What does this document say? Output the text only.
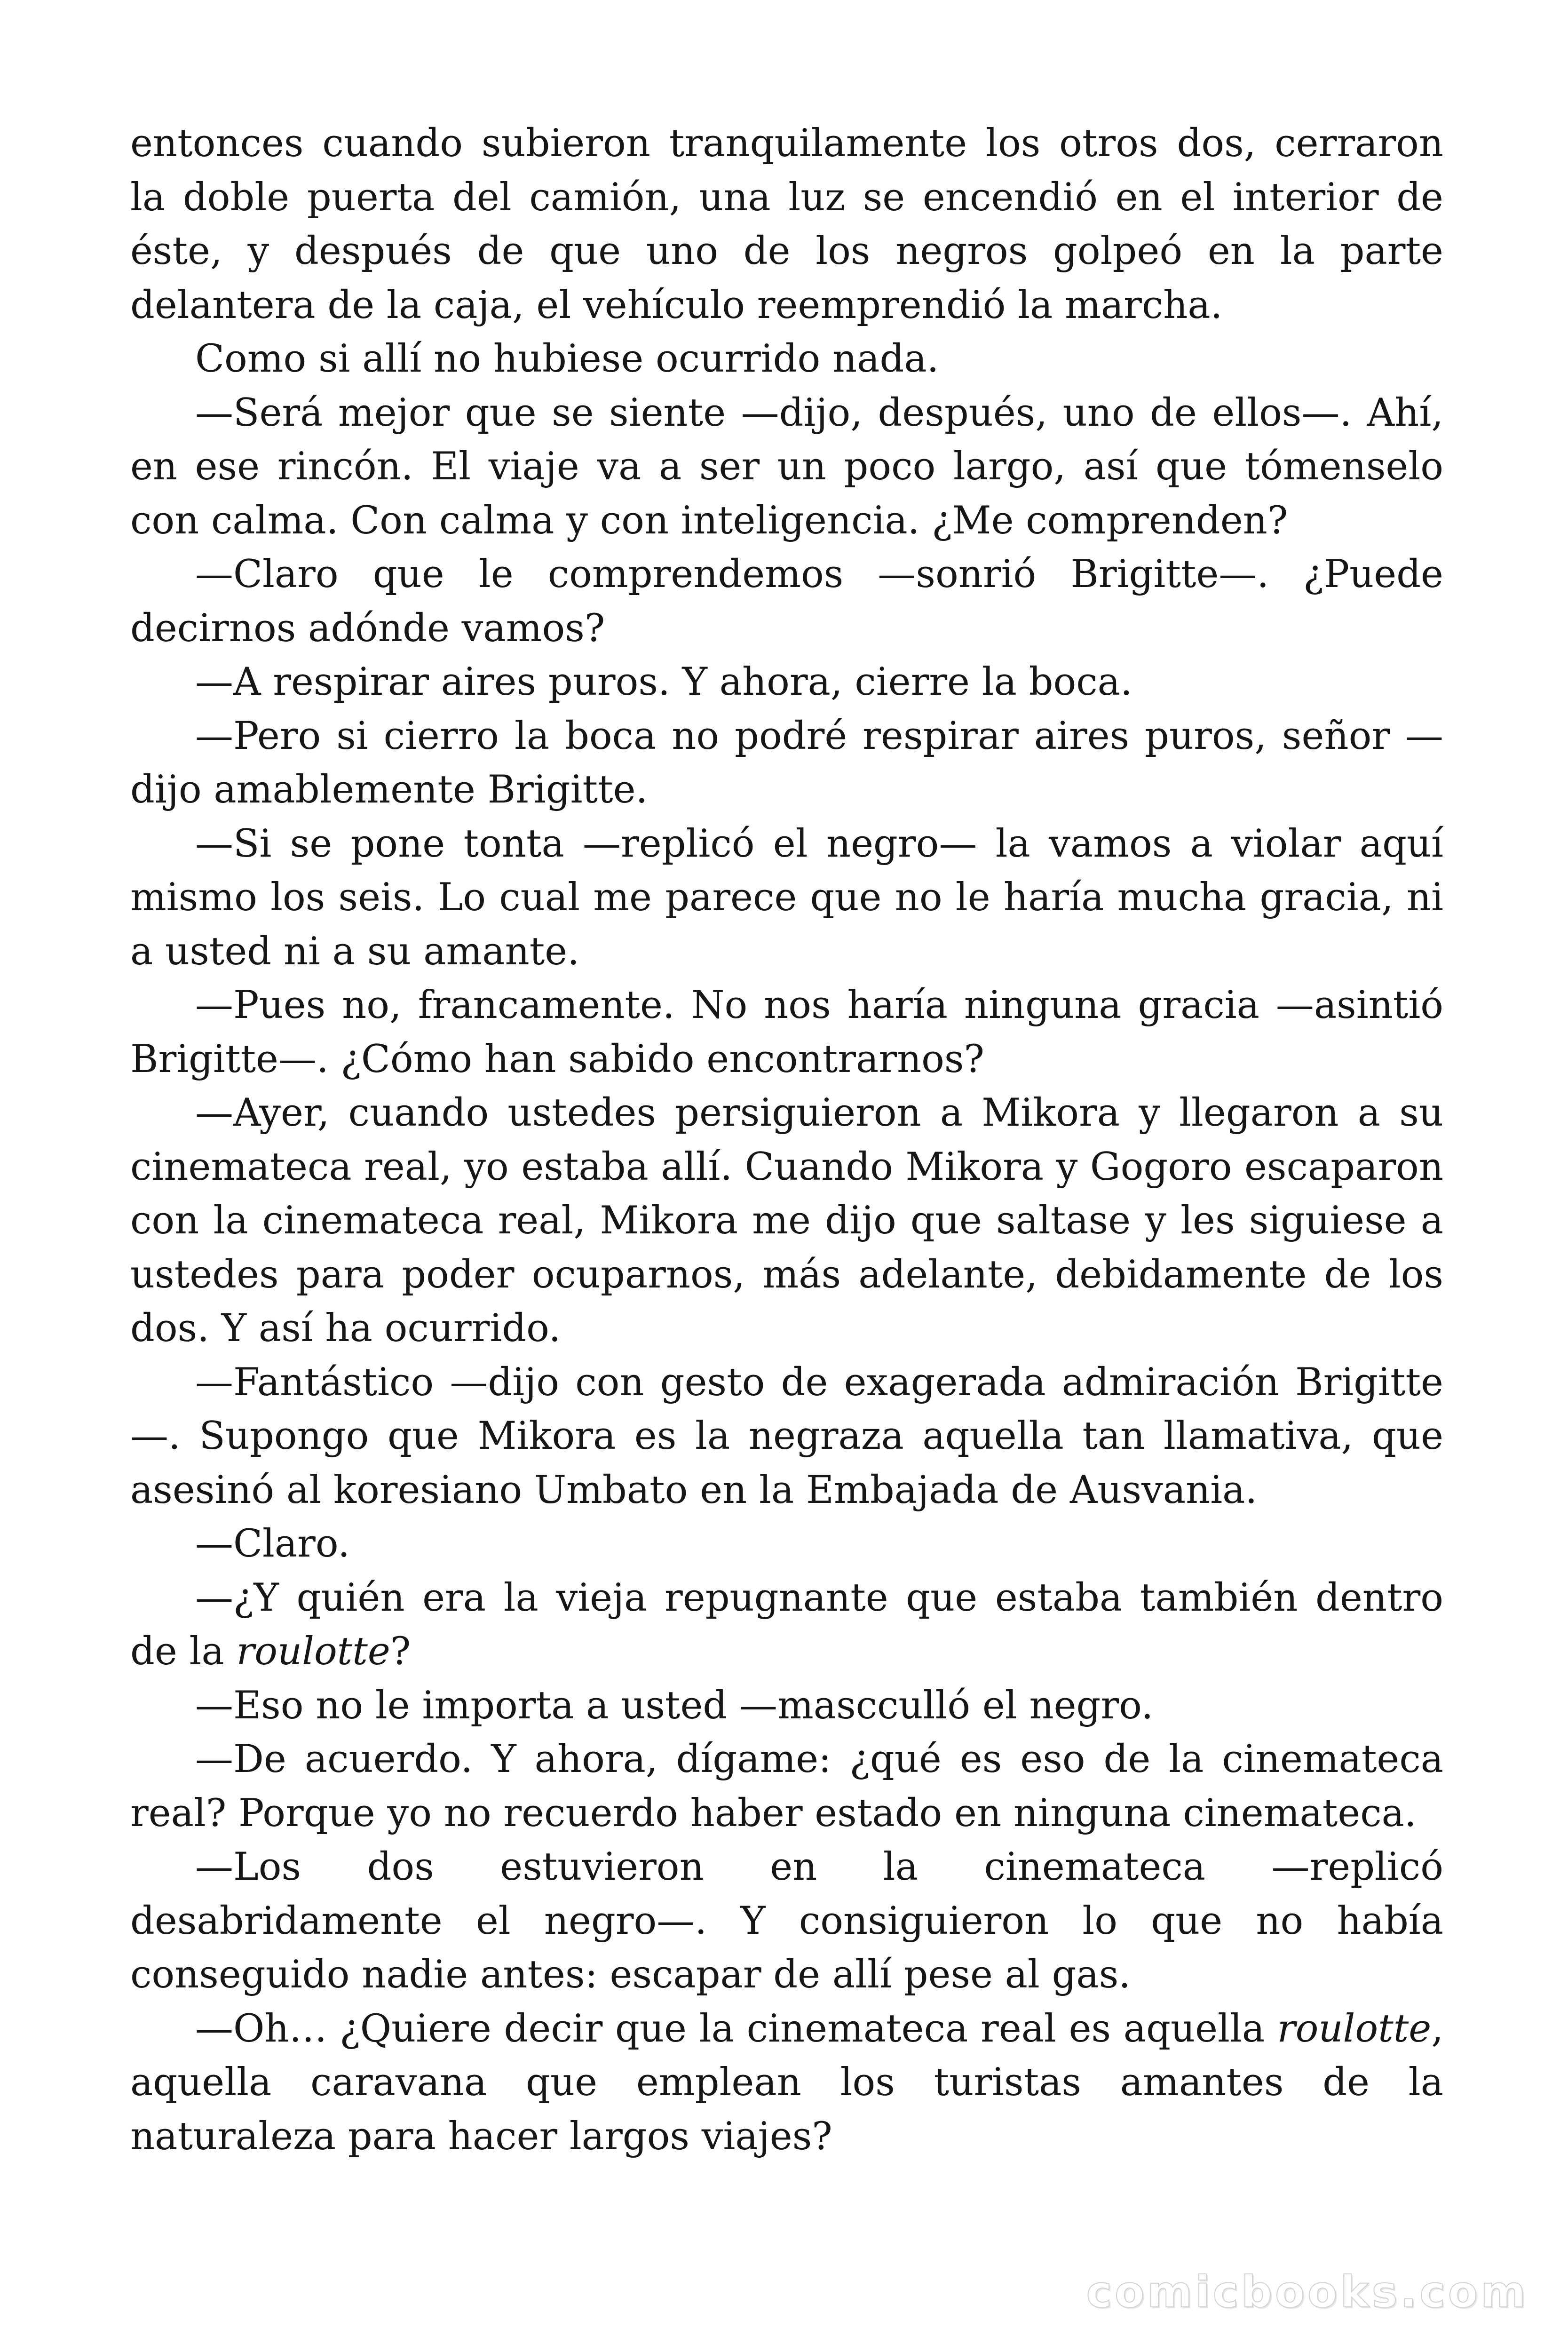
entonces cuando subieron tranquilamente los otros dos, cerraron la doble puerta del camión, una luz se encendió en el interior de éste, y después de que uno de los negros golpeó en la parte delantera de la caja, el vehículo reemprendió la marcha.

Como si allí no hubiese ocurrido nada.

—Será mejor que se siente —dijo, después, uno de ellos—. Ahí, en ese rincón. El viaje va a ser un poco largo, así que tómenselo con calma. Con calma y con inteligencia. ¿Me comprenden?

—Claro que le comprendemos —sonrió Brigitte—. ¿Puede decirnos adónde vamos?

—A respirar aires puros. Y ahora, cierre la boca.

—Pero si cierro la boca no podré respirar aires puros, señor —dijo amablemente Brigitte.

—Si se pone tonta —replicó el negro— la vamos a violar aquí mismo los seis. Lo cual me parece que no le haría mucha gracia, ni a usted ni a su amante.

—Pues no, francamente. No nos haría ninguna gracia —asintió Brigitte—. ¿Cómo han sabido encontrarnos?

—Ayer, cuando ustedes persiguieron a Mikora y llegaron a su cinemateca real, yo estaba allí. Cuando Mikora y Gogoro escaparon con la cinemateca real, Mikora me dijo que saltase y les siguiese a ustedes para poder ocuparnos, más adelante, debidamente de los dos. Y así ha ocurrido.

—Fantástico —dijo con gesto de exagerada admiración Brigitte —. Supongo que Mikora es la negraza aquella tan llamativa, que asesinó al koresiano Umbato en la Embajada de Ausvania.

—Claro.

—¿Y quién era la vieja repugnante que estaba también dentro de la roulotte?

—Eso no le importa a usted —mascculló el negro.

—De acuerdo. Y ahora, dígame: ¿qué es eso de la cinemateca real? Porque yo no recuerdo haber estado en ninguna cinemateca.

—Los dos estuvieron en la cinemateca —replicó desabridamente el negro—. Y consiguieron lo que no había conseguido nadie antes: escapar de allí pese al gas.

—Oh… ¿Quiere decir que la cinemateca real es aquella roulotte, aquella caravana que emplean los turistas amantes de la naturaleza para hacer largos viajes?

comicbooks.com
